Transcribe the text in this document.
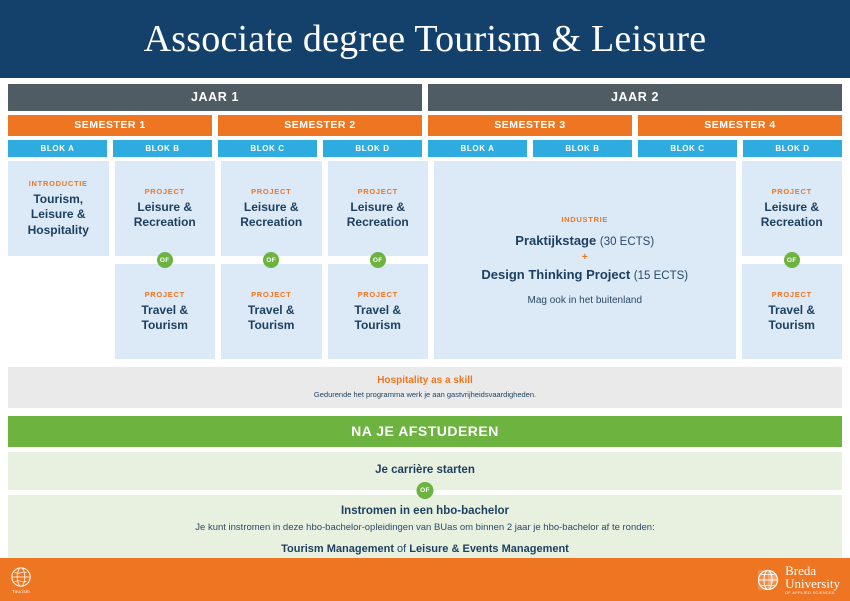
Associate degree Tourism & Leisure
JAAR 1	JAAR 2
SEMESTER 1	SEMESTER 2	SEMESTER 3	SEMESTER 4
BLOK A	BLOK B	BLOK C	BLOK D	BLOK A	BLOK B	BLOK C	BLOK D
INTRODUCTIE
Tourism, Leisure & Hospitality
PROJECT
Leisure & Recreation
OF
PROJECT
Travel & Tourism
PROJECT
Leisure & Recreation
OF
PROJECT
Travel & Tourism
PROJECT
Leisure & Recreation
OF
PROJECT
Travel & Tourism
INDUSTRIE
Praktijkstage (30 ECTS)
+
Design Thinking Project (15 ECTS)
Mag ook in het buitenland
PROJECT
Leisure & Recreation
OF
PROJECT
Travel & Tourism
Hospitality as a skill
Gedurende het programma werk je aan gastvrijheidsvaardigheden.
NA JE AFSTUDEREN
Je carrière starten
OF
Instromen in een hbo-bachelor
Je kunt instromen in deze hbo-bachelor-opleidingen van BUas om binnen 2 jaar je hbo-bachelor af te ronden:
Tourism Management of Leisure & Events Management
Tourism
Breda
University
OF APPLIED SCIENCES
